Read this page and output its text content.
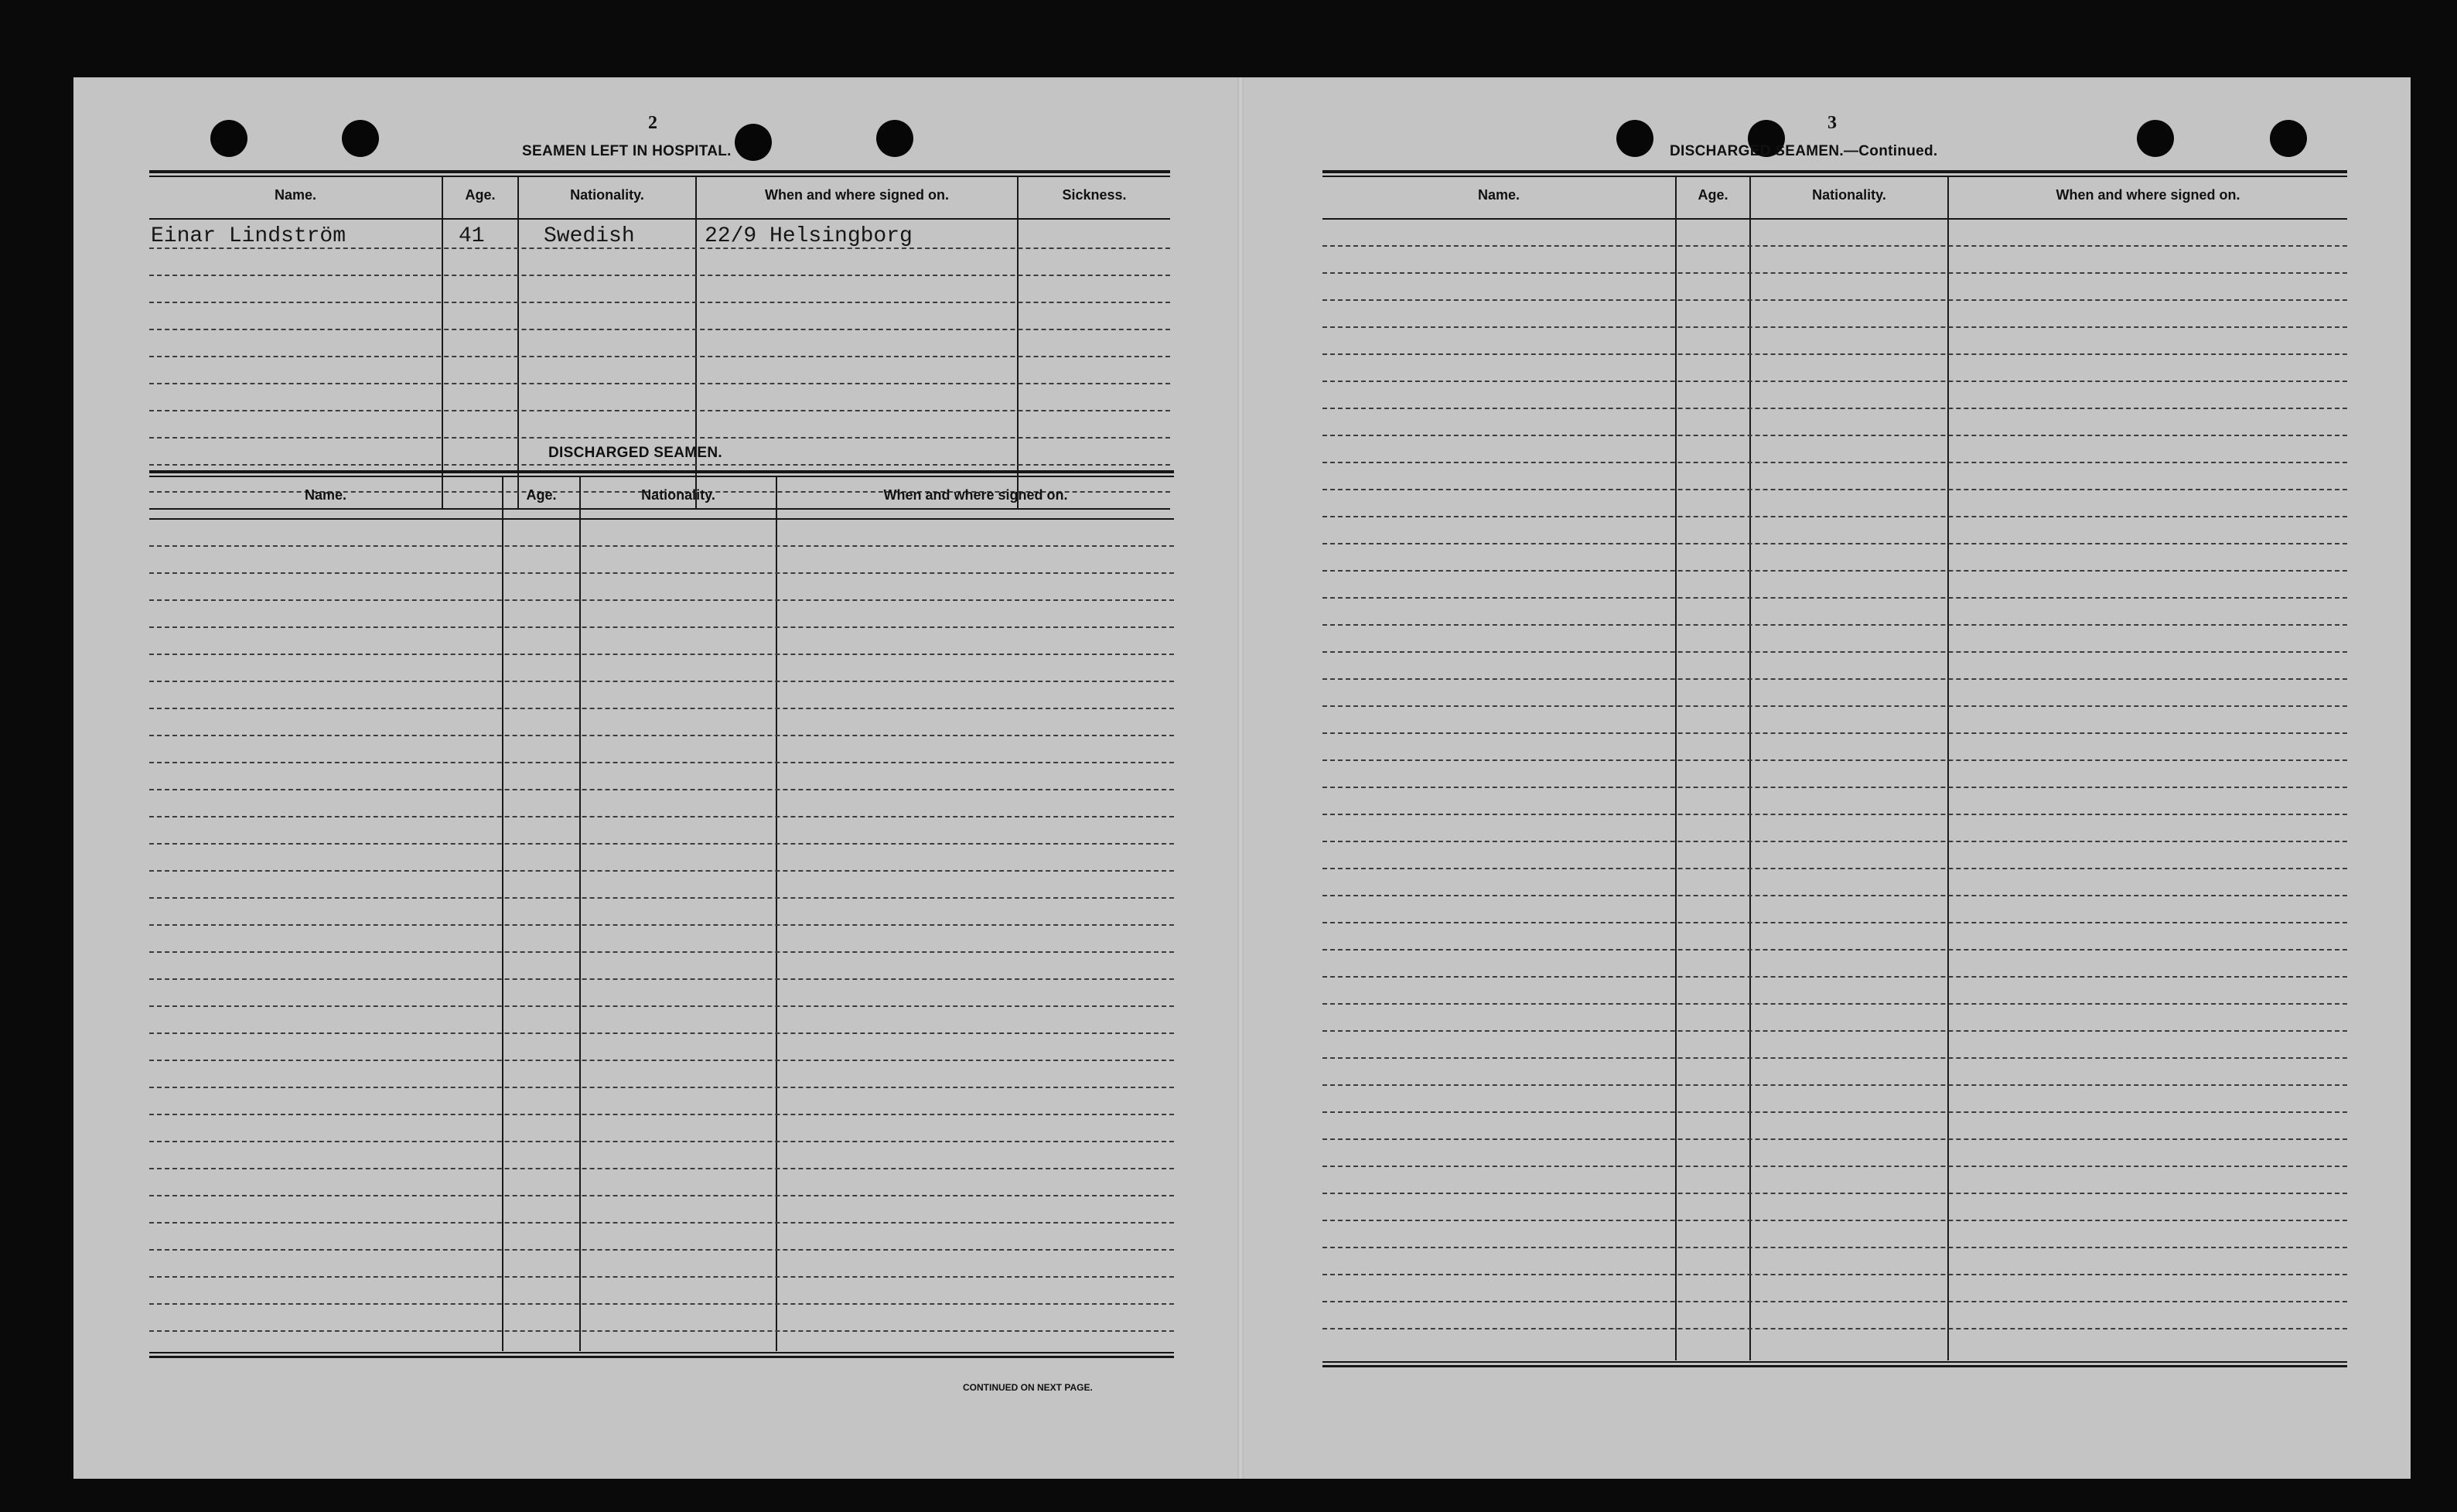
2
SEAMEN LEFT IN HOSPITAL.
Name.	Age.	Nationality.	When and where signed on.	Sickness.
Einar Lindström	41	Swedish	22/9 Helsingborg
DISCHARGED SEAMEN.
Name.	Age.	Nationality.	When and where signed on.
CONTINUED ON NEXT PAGE.
3
DISCHARGED SEAMEN.—Continued.
Name.	Age.	Nationality.	When and where signed on.
